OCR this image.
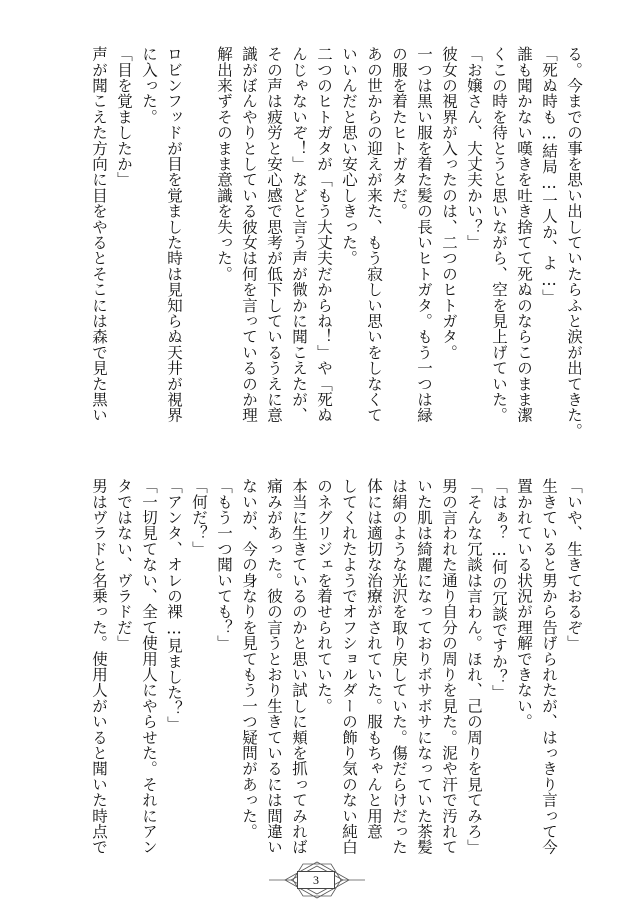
る。今までの事を思い出していたらふと涙が出てきた。
「死ぬ時も…結局…一人か、よ…」
誰も聞かない嘆きを吐き捨てて死ぬのならこのまま潔
くこの時を待とうと思いながら、空を見上げていた。
「お嬢さん、大丈夫かい？」
彼女の視界が入ったのは、二つのヒトガタ。
一つは黒い服を着た髪の長いヒトガタ。もう一つは緑
の服を着たヒトガタだ。
あの世からの迎えが来た、もう寂しい思いをしなくて
いいんだと思い安心しきった。
二つのヒトガタが「もう大丈夫だからね！」や「死ぬ
んじゃないぞ！」などと言う声が微かに聞こえたが、
その声は疲労と安心感で思考が低下しているうえに意
識がぼんやりとしている彼女は何を言っているのか理
解出来ずそのまま意識を失った。

ロビンフッドが目を覚ました時は見知らぬ天井が視界
に入った。
「目を覚ましたか」
声が聞こえた方向に目をやるとそこには森で見た黒い
「いや、生きておるぞ」
生きていると男から告げられたが、はっきり言って今
置かれている状況が理解できない。
「はぁ？…何の冗談ですか？」
「そんな冗談は言わん。ほれ、己の周りを見てみろ」
男の言われた通り自分の周りを見た。泥や汗で汚れて
いた肌は綺麗になっておりボサボサになっていた茶髪
は絹のような光沢を取り戻していた。傷だらけだった
体には適切な治療がされていた。服もちゃんと用意
してくれたようでオフショルダーの飾り気のない純白
のネグリジェを着せられていた。
本当に生きているのかと思い試しに頬を抓ってみれば
痛みがあった。彼の言うとおり生きているには間違い
ないが、今の身なりを見てもう一つ疑問があった。
「もう一つ聞いても？」
「何だ？」
「アンタ、オレの裸…見ました？」
「一切見てない、全て使用人にやらせた。それにアン
タではない、ヴラドだ」
男はヴラドと名乗った。使用人がいると聞いた時点で
3
